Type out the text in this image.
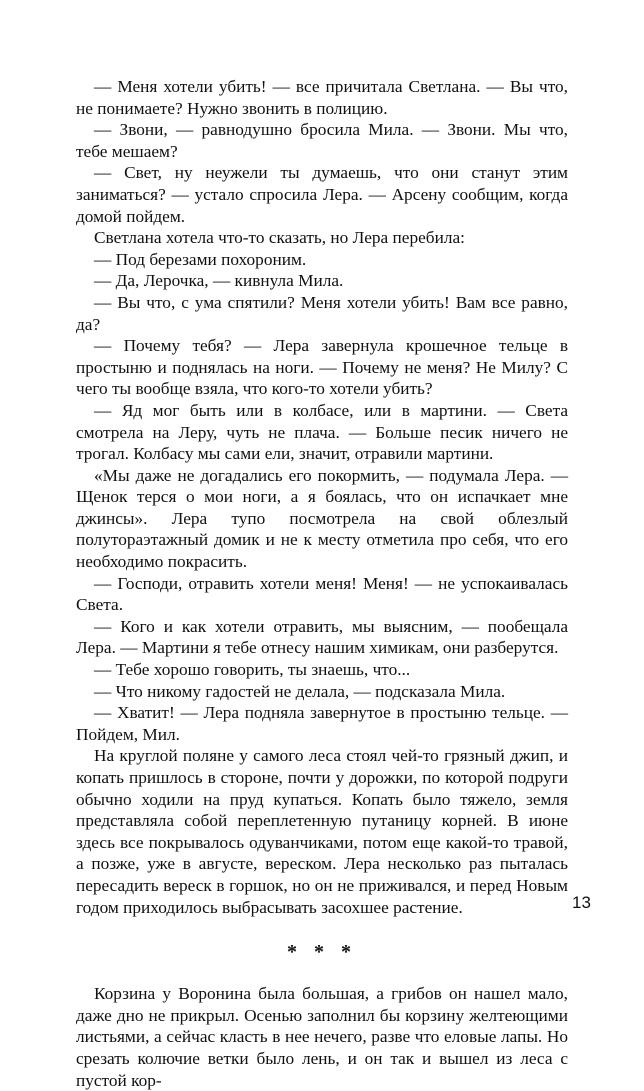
— Меня хотели убить! — все причитала Светлана. — Вы что, не понимаете? Нужно звонить в полицию.

— Звони, — равнодушно бросила Мила. — Звони. Мы что, тебе мешаем?

— Свет, ну неужели ты думаешь, что они станут этим заниматься? — устало спросила Лера. — Арсену сообщим, когда домой пойдем.

Светлана хотела что-то сказать, но Лера перебила:

— Под березами похороним.

— Да, Лерочка, — кивнула Мила.

— Вы что, с ума спятили? Меня хотели убить! Вам все равно, да?

— Почему тебя? — Лера завернула крошечное тельце в простыню и поднялась на ноги. — Почему не меня? Не Милу? С чего ты вообще взяла, что кого-то хотели убить?

— Яд мог быть или в колбасе, или в мартини. — Света смотрела на Леру, чуть не плача. — Больше песик ничего не трогал. Колбасу мы сами ели, значит, отравили мартини.

«Мы даже не догадались его покормить, — подумала Лера. — Щенок терся о мои ноги, а я боялась, что он испачкает мне джинсы». Лера тупо посмотрела на свой облезлый полутораэтажный домик и не к месту отметила про себя, что его необходимо покрасить.

— Господи, отравить хотели меня! Меня! — не успокаивалась Света.

— Кого и как хотели отравить, мы выясним, — пообещала Лера. — Мартини я тебе отнесу нашим химикам, они разберутся.

— Тебе хорошо говорить, ты знаешь, что...

— Что никому гадостей не делала, — подсказала Мила.

— Хватит! — Лера подняла завернутое в простыню тельце. — Пойдем, Мил.

На круглой поляне у самого леса стоял чей-то грязный джип, и копать пришлось в стороне, почти у дорожки, по которой подруги обычно ходили на пруд купаться. Копать было тяжело, земля представляла собой переплетенную путаницу корней. В июне здесь все покрывалось одуванчиками, потом еще какой-то травой, а позже, уже в августе, вереском. Лера несколько раз пыталась пересадить вереск в горшок, но он не приживался, и перед Новым годом приходилось выбрасывать засохшее растение.

* * *

Корзина у Воронина была большая, а грибов он нашел мало, даже дно не прикрыл. Осенью заполнил бы корзину желтеющими листьями, а сейчас класть в нее нечего, разве что еловые лапы. Но срезать колючие ветки было лень, и он так и вышел из леса с пустой кор-

13
